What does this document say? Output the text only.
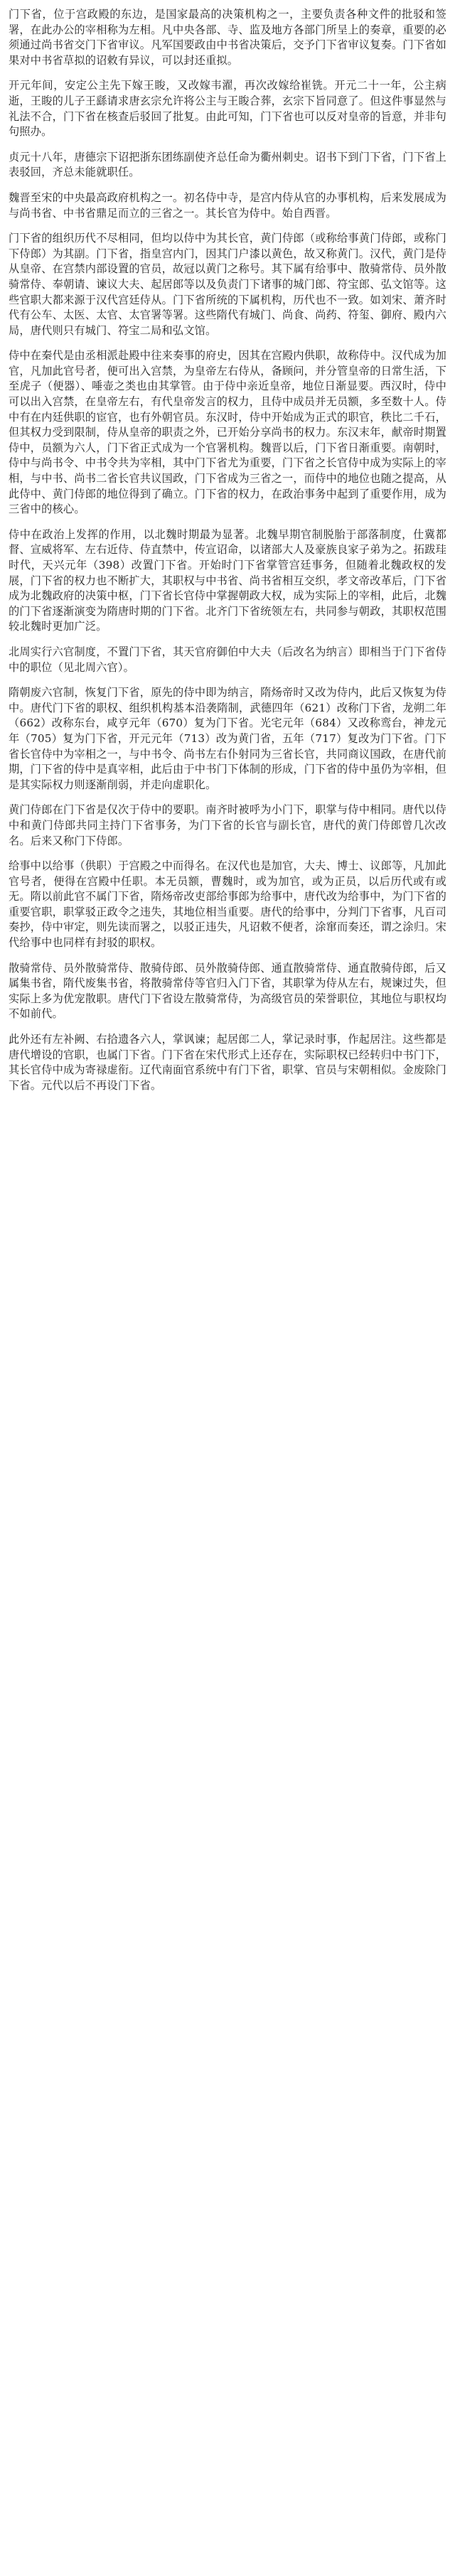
门下省，位于宫政殿的东边，是国家最高的决策机构之一，主要负责各种文件的批驳和签署，在此办公的宰相称为左相。凡中央各部、寺、监及地方各部门所呈上的奏章，重要的必须通过尚书省交门下省审议。凡军国要政由中书省决策后，交予门下省审议复奏。门下省如果对中书省草拟的诏敕有异议，可以封还重拟。

开元年间，安定公主先下嫁王睃，又改嫁韦濯，再次改嫁给崔铣。开元二十一年，公主病逝，王睃的儿子王繇请求唐玄宗允许将公主与王睃合葬，玄宗下旨同意了。但这件事显然与礼法不合，门下省在核查后驳回了批复。由此可知，门下省也可以反对皇帝的旨意，并非句句照办。

贞元十八年，唐德宗下诏把浙东团练副使齐总任命为衢州刺史。诏书下到门下省，门下省上表驳回，齐总未能就职任。

魏晋至宋的中央最高政府机构之一。初名侍中寺，是宫内侍从官的办事机构，后来发展成为与尚书省、中书省鼎足而立的三省之一。其长官为侍中。始自西晋。

门下省的组织历代不尽相同，但均以侍中为其长官，黄门侍郎（或称给事黄门侍郎，或称门下侍郎）为其副。门下省，指皇宫内门，因其门户漆以黄色，故又称黄门。汉代，黄门是侍从皇帝、在宫禁内部设置的官员，故冠以黄门之称号。其下属有给事中、散骑常侍、员外散骑常侍、奉朝请、谏议大夫、起居郎等以及负责门下诸事的城门郎、符宝郎、弘文馆等。这些官职大都来源于汉代宫廷侍从。门下省所统的下属机构，历代也不一致。如刘宋、萧齐时代有公车、太医、太官、太官署等署。这些隋代有城门、尚食、尚药、符玺、御府、殿内六局，唐代则只有城门、符宝二局和弘文馆。

侍中在秦代是由丞相派赴殿中往来奏事的府史，因其在宫殿内供职，故称侍中。汉代成为加官，凡加此官号者，便可出入宫禁，为皇帝左右侍从，备顾问，并分管皇帝的日常生活，下至虎子（便器）、唾壶之类也由其掌管。由于侍中亲近皇帝，地位日渐显要。西汉时，侍中可以出入宫禁，在皇帝左右，有代皇帝发言的权力，且侍中成员并无员额，多至数十人。侍中有在内廷供职的宦官，也有外朝官员。东汉时，侍中开始成为正式的职官，秩比二千石，但其权力受到限制，侍从皇帝的职责之外，已开始分享尚书的权力。东汉末年，献帝时期置侍中，员额为六人，门下省正式成为一个官署机构。魏晋以后，门下省日渐重要。南朝时，侍中与尚书令、中书令共为宰相，其中门下省尤为重要，门下省之长官侍中成为实际上的宰相，与中书、尚书二省长官共议国政，门下省成为三省之一，而侍中的地位也随之提高，从此侍中、黄门侍郎的地位得到了确立。门下省的权力，在政治事务中起到了重要作用，成为三省中的核心。

侍中在政治上发挥的作用，以北魏时期最为显著。北魏早期官制脱胎于部落制度，仕冀都督、宣威将军、左右近侍、侍直禁中，传宣诏命，以诸部大人及豪族良家子弟为之。拓跋珪时代，天兴元年（398）改置门下省。开始时门下省掌管宫廷事务，但随着北魏政权的发展，门下省的权力也不断扩大，其职权与中书省、尚书省相互交织，孝文帝改革后，门下省成为北魏政府的决策中枢，门下省长官侍中掌握朝政大权，成为实际上的宰相，此后，北魏的门下省逐渐演变为隋唐时期的门下省。北齐门下省统领左右，共同参与朝政，其职权范围较北魏时更加广泛。

北周实行六官制度，不置门下省，其天官府御伯中大夫（后改名为纳言）即相当于门下省侍中的职位（见北周六官）。

隋朝废六官制，恢复门下省，原先的侍中即为纳言，隋炀帝时又改为侍内，此后又恢复为侍中。唐代门下省的职权、组织机构基本沿袭隋制，武德四年（621）改称门下省，龙朔二年（662）改称东台，咸亨元年（670）复为门下省。光宅元年（684）又改称鸾台，神龙元年（705）复为门下省，开元元年（713）改为黄门省，五年（717）复改为门下省。门下省长官侍中为宰相之一，与中书令、尚书左右仆射同为三省长官，共同商议国政，在唐代前期，门下省的侍中是真宰相，此后由于中书门下体制的形成，门下省的侍中虽仍为宰相，但是其实际权力则逐渐削弱，并走向虚职化。

黄门侍郎在门下省是仅次于侍中的要职。南齐时被呼为小门下，职掌与侍中相同。唐代以侍中和黄门侍郎共同主持门下省事务，为门下省的长官与副长官，唐代的黄门侍郎曾几次改名。后来又称门下侍郎。

给事中以给事（供职）于宫殿之中而得名。在汉代也是加官，大夫、博士、议郎等，凡加此官号者，便得在宫殿中任职。本无员额，曹魏时，或为加官，或为正员，以后历代或有或无。隋以前此官不属门下省，隋炀帝改吏部给事郎为给事中，唐代改为给事中，为门下省的重要官职，职掌驳正政令之违失，其地位相当重要。唐代的给事中，分判门下省事，凡百司奏抄，侍中审定，则先读而署之，以驳正违失，凡诏敕不便者，涂窜而奏还，谓之涂归。宋代给事中也同样有封驳的职权。

散骑常侍、员外散骑常侍、散骑侍郎、员外散骑侍郎、通直散骑常侍、通直散骑侍郎，后又属集书省，隋代废集书省，将散骑常侍等官归入门下省，其职掌为侍从左右，规谏过失，但实际上多为优宠散职。唐代门下省设左散骑常侍，为高级官员的荣誉职位，其地位与职权均不如前代。

此外还有左补阙、右拾遗各六人，掌讽谏；起居郎二人，掌记录时事，作起居注。这些都是唐代增设的官职，也属门下省。门下省在宋代形式上还存在，实际职权已经转归中书门下，其长官侍中成为寄禄虚衔。辽代南面官系统中有门下省，职掌、官员与宋朝相似。金废除门下省。元代以后不再设门下省。
